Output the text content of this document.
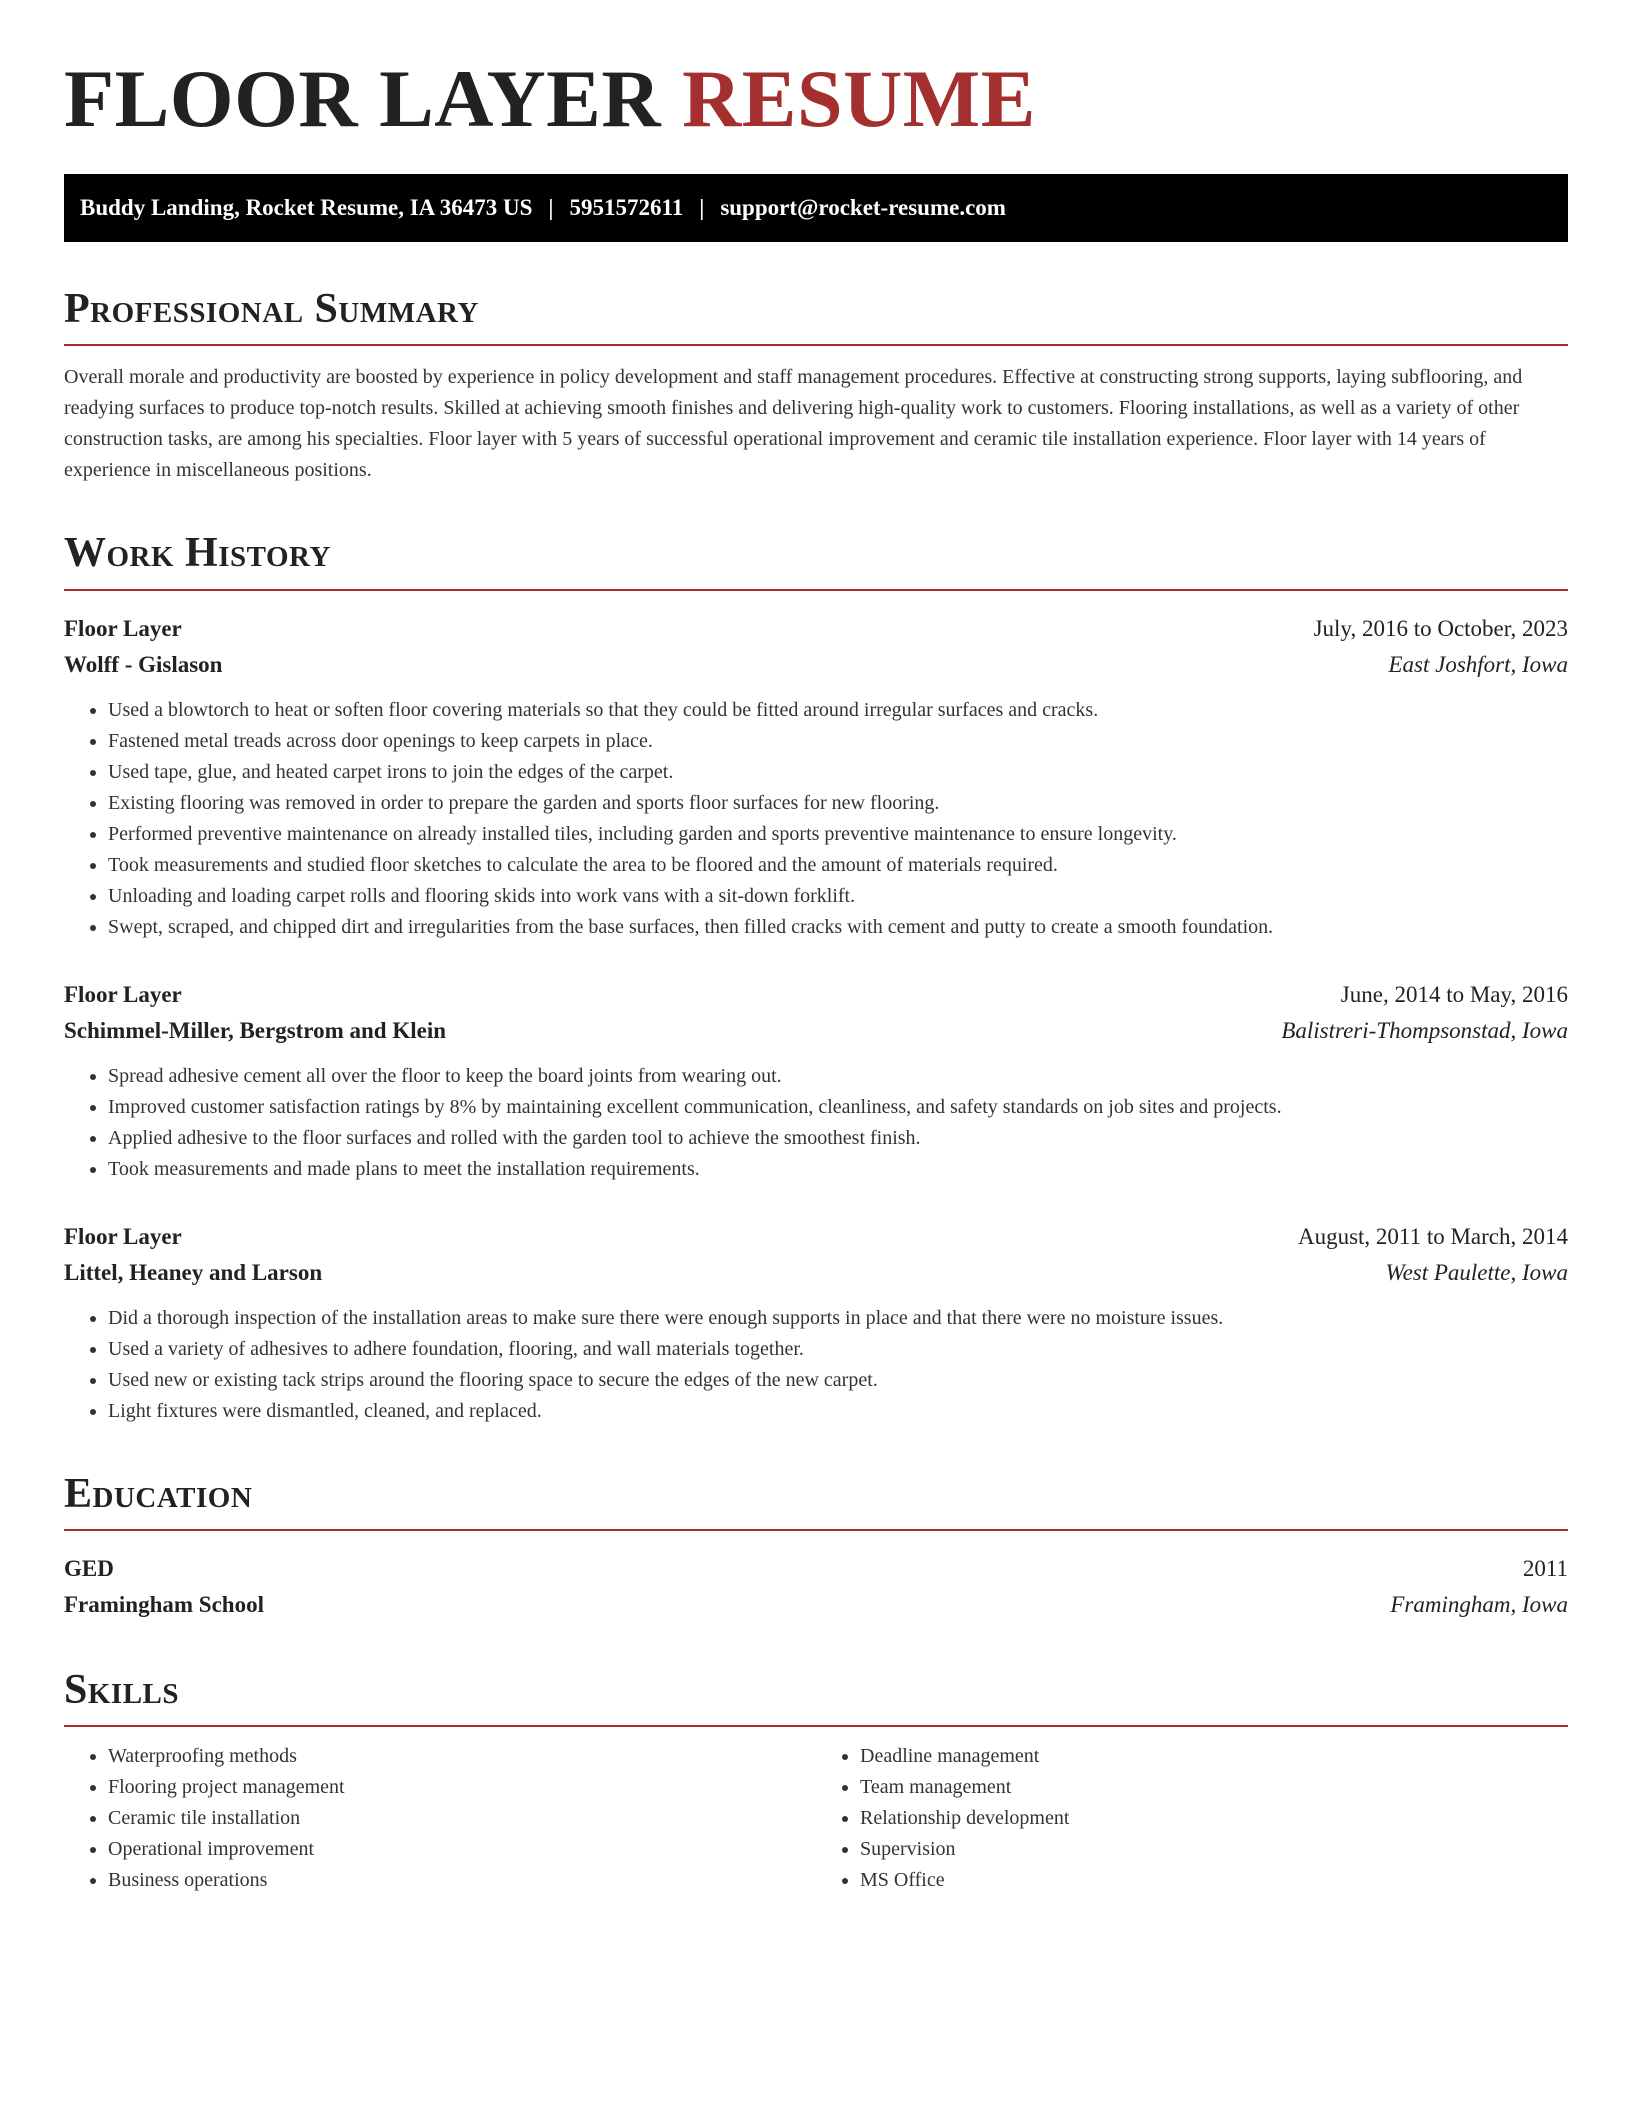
FLOOR LAYER RESUME
Buddy Landing, Rocket Resume, IA 36473 US | 5951572611 | support@rocket-resume.com
Professional Summary

Overall morale and productivity are boosted by experience in policy development and staff management procedures. Effective at constructing strong supports, laying subflooring, and readying surfaces to produce top-notch results. Skilled at achieving smooth finishes and delivering high-quality work to customers. Flooring installations, as well as a variety of other construction tasks, are among his specialties. Floor layer with 5 years of successful operational improvement and ceramic tile installation experience. Floor layer with 14 years of experience in miscellaneous positions.

Work History
Floor Layer	July, 2016 to October, 2023
Wolff - Gislason	East Joshfort, Iowa
• Used a blowtorch to heat or soften floor covering materials so that they could be fitted around irregular surfaces and cracks.
• Fastened metal treads across door openings to keep carpets in place.
• Used tape, glue, and heated carpet irons to join the edges of the carpet.
• Existing flooring was removed in order to prepare the garden and sports floor surfaces for new flooring.
• Performed preventive maintenance on already installed tiles, including garden and sports preventive maintenance to ensure longevity.
• Took measurements and studied floor sketches to calculate the area to be floored and the amount of materials required.
• Unloading and loading carpet rolls and flooring skids into work vans with a sit-down forklift.
• Swept, scraped, and chipped dirt and irregularities from the base surfaces, then filled cracks with cement and putty to create a smooth foundation.
Floor Layer	June, 2014 to May, 2016
Schimmel-Miller, Bergstrom and Klein	Balistreri-Thompsonstad, Iowa
• Spread adhesive cement all over the floor to keep the board joints from wearing out.
• Improved customer satisfaction ratings by 8% by maintaining excellent communication, cleanliness, and safety standards on job sites and projects.
• Applied adhesive to the floor surfaces and rolled with the garden tool to achieve the smoothest finish.
• Took measurements and made plans to meet the installation requirements.
Floor Layer	August, 2011 to March, 2014
Littel, Heaney and Larson	West Paulette, Iowa
• Did a thorough inspection of the installation areas to make sure there were enough supports in place and that there were no moisture issues.
• Used a variety of adhesives to adhere foundation, flooring, and wall materials together.
• Used new or existing tack strips around the flooring space to secure the edges of the new carpet.
• Light fixtures were dismantled, cleaned, and replaced.
Education
GED	2011
Framingham School	Framingham, Iowa
Skills
• Waterproofing methods
• Flooring project management
• Ceramic tile installation
• Operational improvement
• Business operations
• Deadline management
• Team management
• Relationship development
• Supervision
• MS Office
